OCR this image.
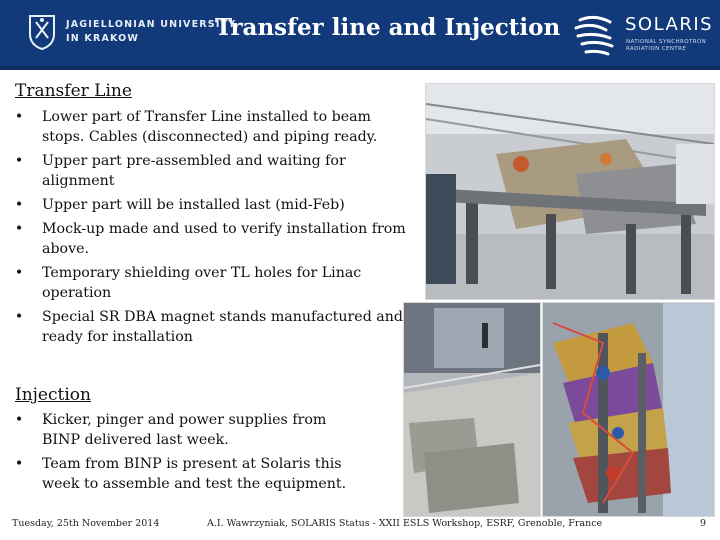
JAGIELLONIAN UNIVERSITY
IN KRAKOW	Transfer line and Injection	SOLARIS
NATIONAL SYNCHROTRON
RADIATION CENTRE
Transfer Line
• Lower part of Transfer Line installed to beam stops. Cables (disconnected) and piping ready.
• Upper part pre-assembled and waiting for alignment
• Upper part will be installed last (mid-Feb)
• Mock-up made and used to verify installation from above.
• Temporary shielding over TL holes for Linac operation
• Special SR DBA magnet stands manufactured and ready for installation
Injection
• Kicker, pinger and power supplies from BINP delivered last week.
• Team from BINP is present at Solaris this week to assemble and test the equipment.
Tuesday, 25th November 2014	A.I. Wawrzyniak, SOLARIS Status - XXII ESLS Workshop, ESRF, Grenoble, France	9
